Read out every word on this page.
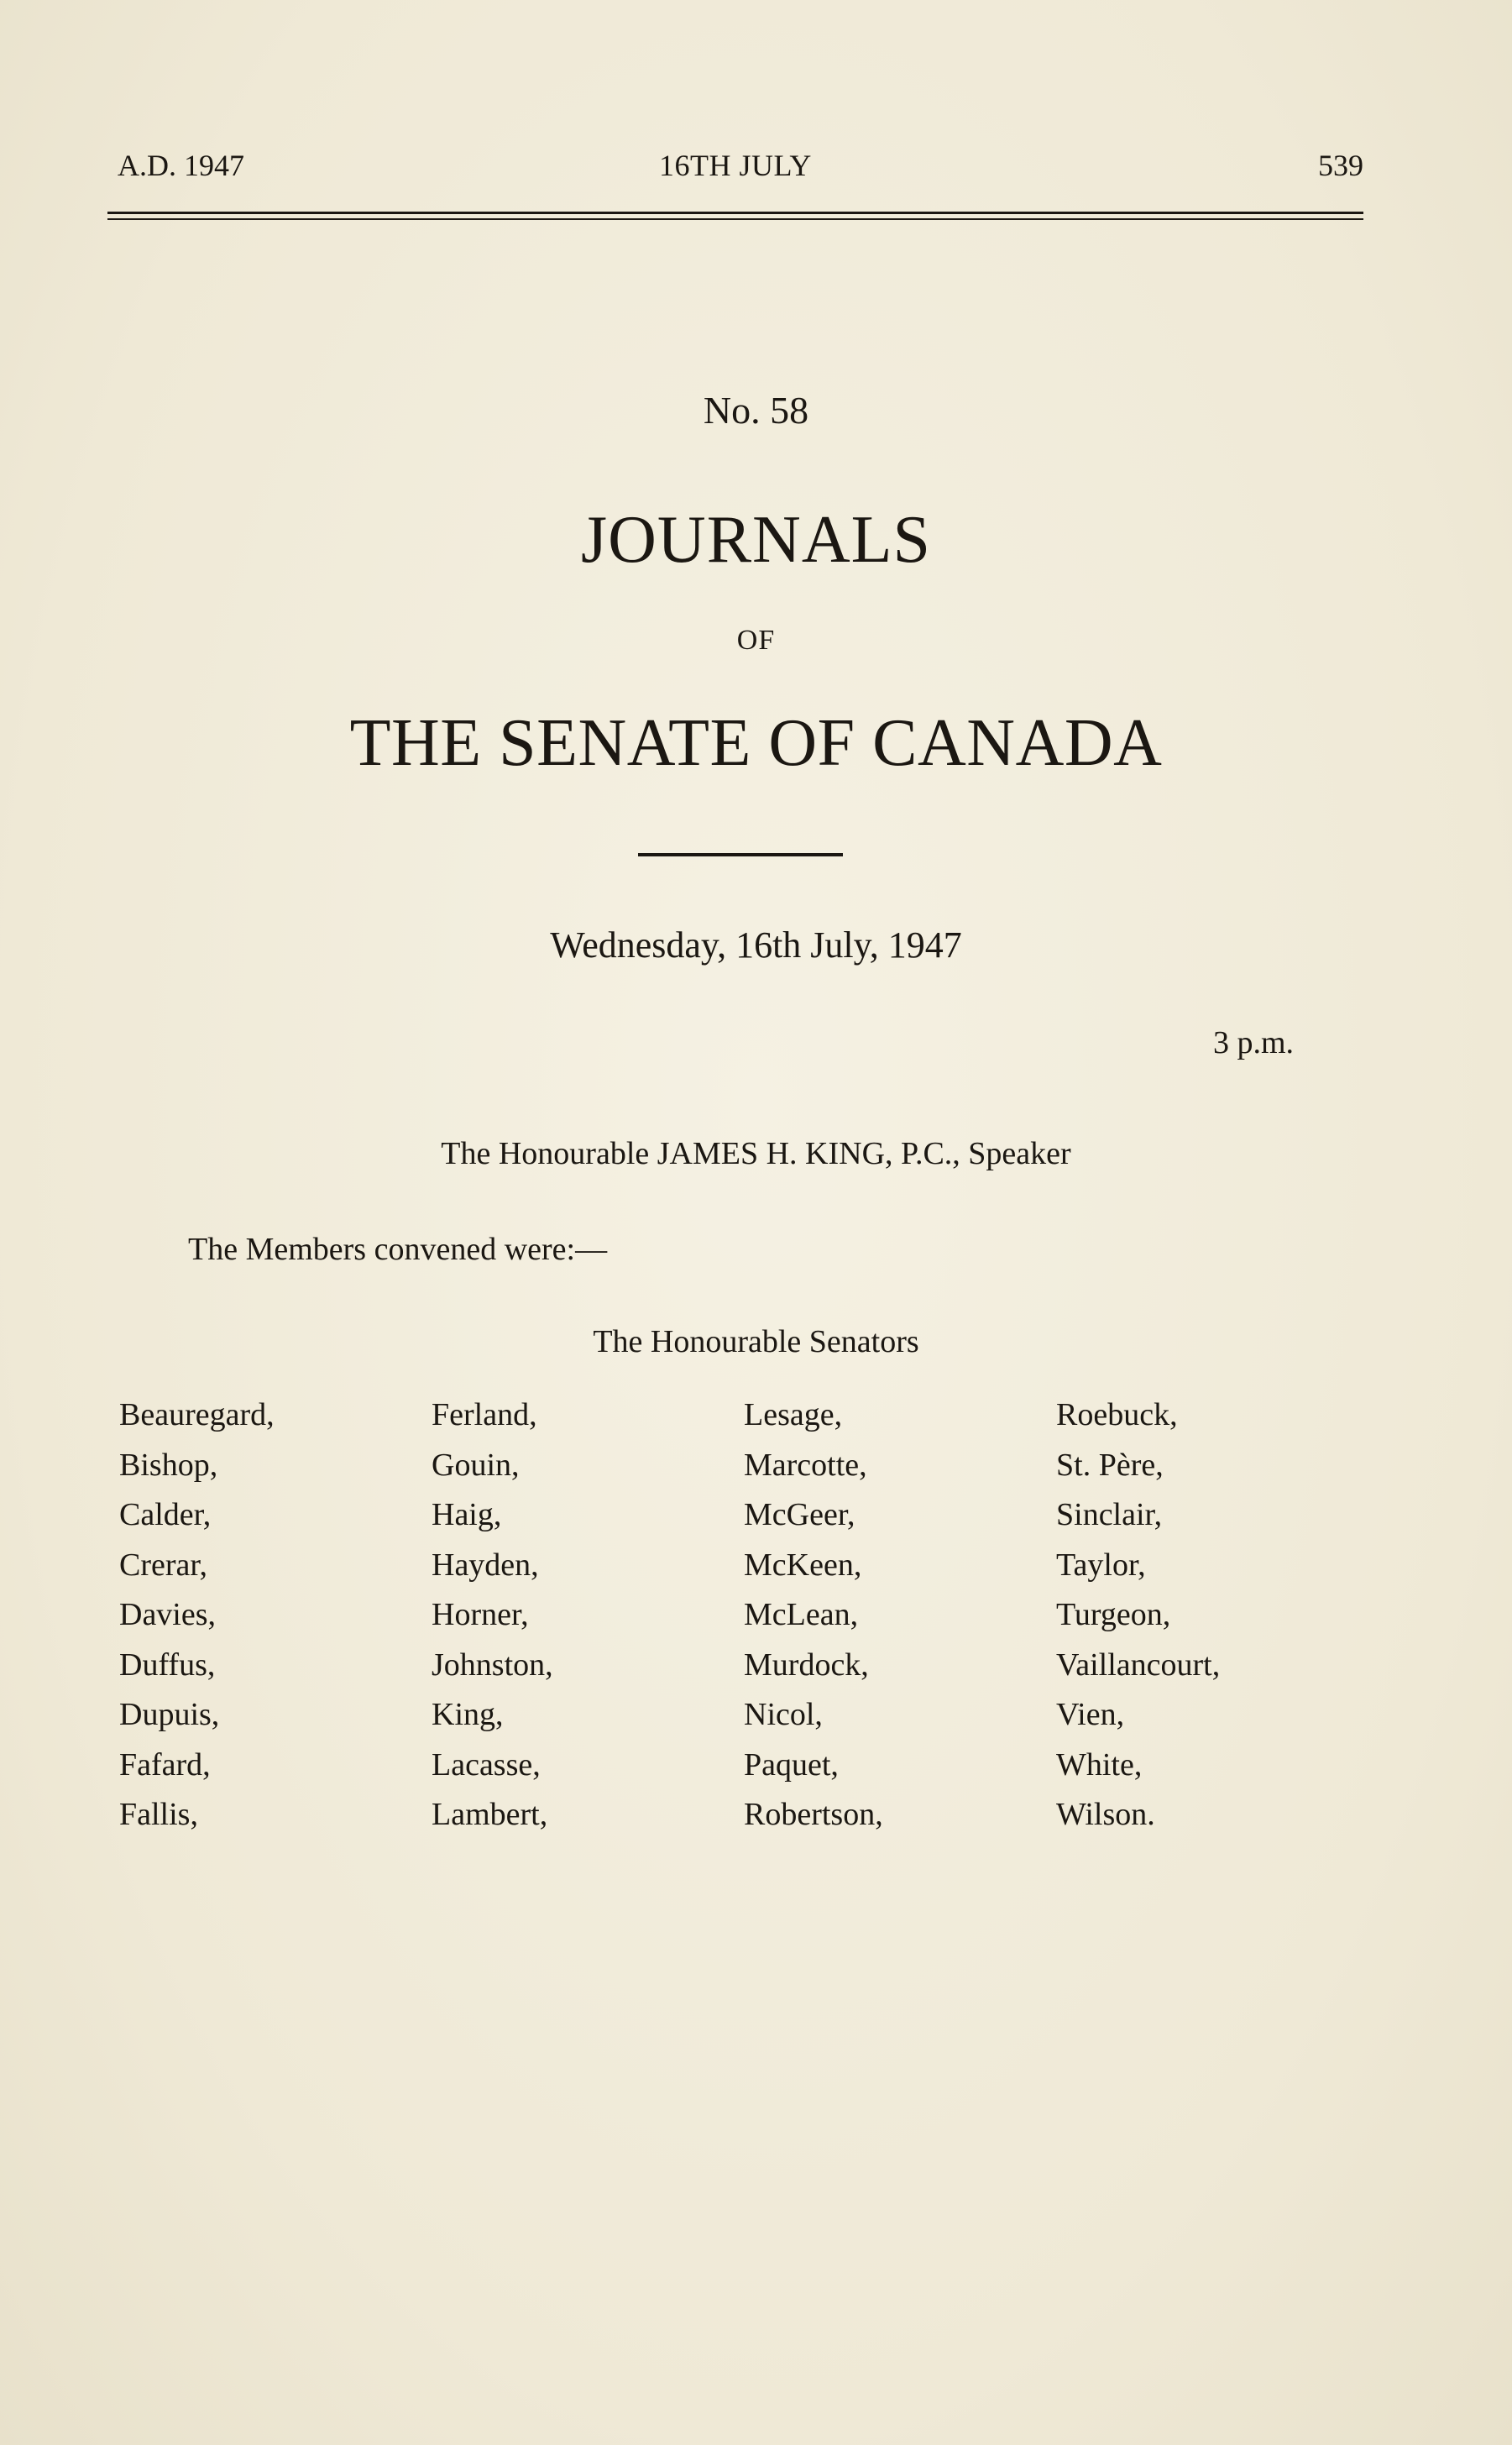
A.D. 1947	16TH JULY	539
No. 58
JOURNALS
OF
THE SENATE OF CANADA
Wednesday, 16th July, 1947
3 p.m.
The Honourable JAMES H. KING, P.C., Speaker
The Members convened were:—
The Honourable Senators
Beauregard,
Bishop,
Calder,
Crerar,
Davies,
Duffus,
Dupuis,
Fafard,
Fallis,
Ferland,
Gouin,
Haig,
Hayden,
Horner,
Johnston,
King,
Lacasse,
Lambert,
Lesage,
Marcotte,
McGeer,
McKeen,
McLean,
Murdock,
Nicol,
Paquet,
Robertson,
Roebuck,
St. Père,
Sinclair,
Taylor,
Turgeon,
Vaillancourt,
Vien,
White,
Wilson.
